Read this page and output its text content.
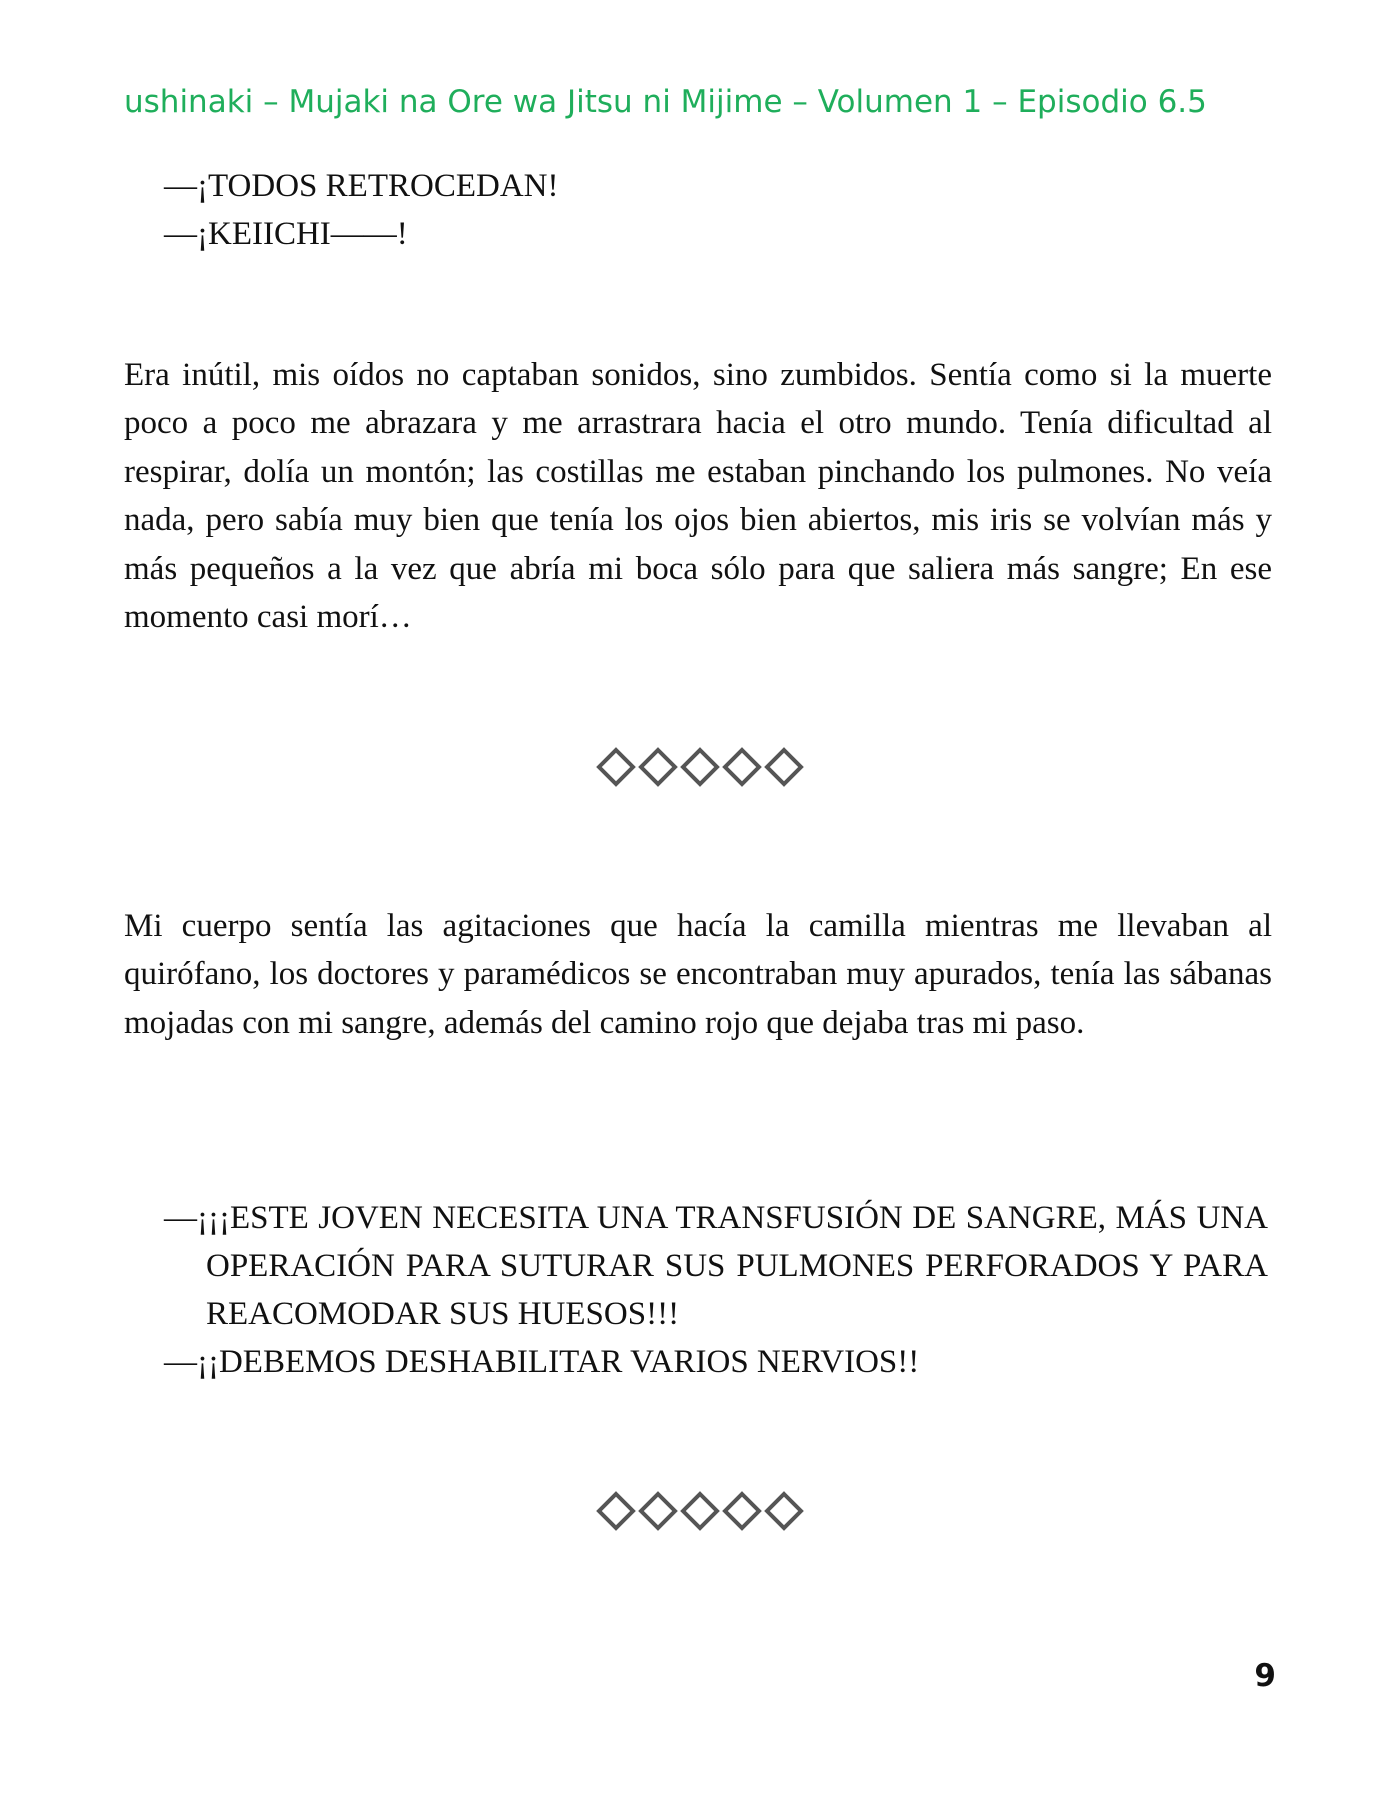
ushinaki – Mujaki na Ore wa Jitsu ni Mijime – Volumen 1 – Episodio 6.5
—¡TODOS RETROCEDAN!
—¡KEIICHI——!

Era inútil, mis oídos no captaban sonidos, sino zumbidos. Sentía como si la muerte poco a poco me abrazara y me arrastrara hacia el otro mundo. Tenía dificultad al respirar, dolía un montón; las costillas me estaban pinchando los pulmones. No veía nada, pero sabía muy bien que tenía los ojos bien abiertos, mis iris se volvían más y más pequeños a la vez que abría mi boca sólo para que saliera más sangre; En ese momento casi morí…

Mi cuerpo sentía las agitaciones que hacía la camilla mientras me llevaban al quirófano, los doctores y paramédicos se encontraban muy apurados, tenía las sábanas mojadas con mi sangre, además del camino rojo que dejaba tras mi paso.

—¡¡¡ESTE JOVEN NECESITA UNA TRANSFUSIÓN DE SANGRE, MÁS UNA OPERACIÓN PARA SUTURAR SUS PULMONES PERFORADOS Y PARA REACOMODAR SUS HUESOS!!!
—¡¡DEBEMOS DESHABILITAR VARIOS NERVIOS!!
9
